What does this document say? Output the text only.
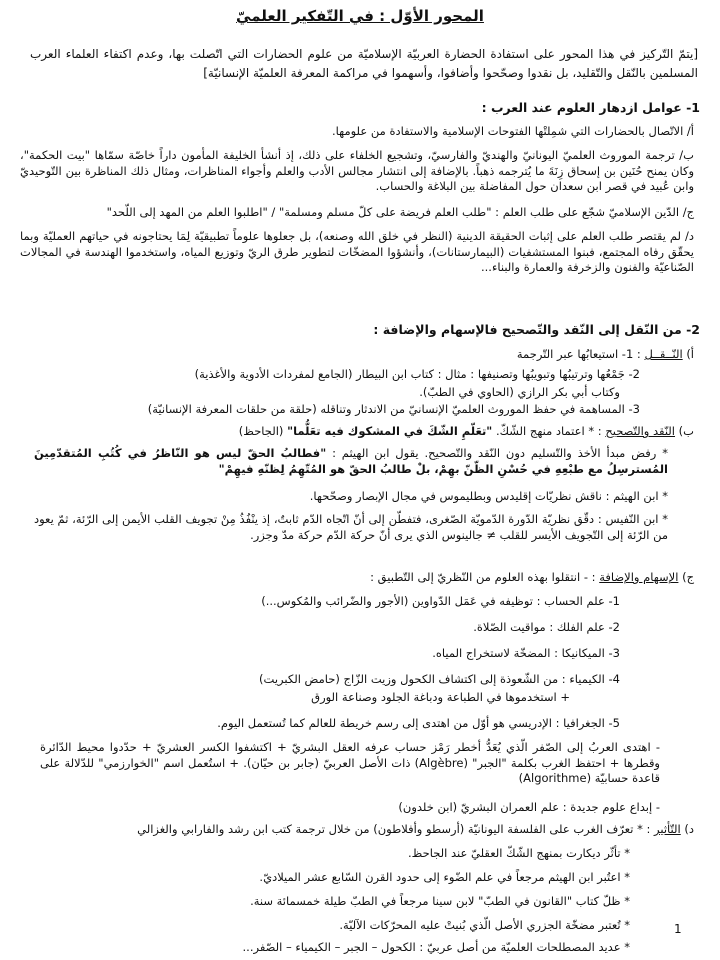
المحور الأوّل : في التّفكير العلميّ
[يتمّ التّركيز في هذا المحور على استفادة الحضارة العربيّة الإسلاميّة من علوم الحضارات التي اتّصلت بها، وعدم اكتفاء العلماء العرب المسلمين بالنّقل والتّقليد، بل نقدوا وصحّحوا وأضافوا، وأسهموا في مراكمة المعرفة العلميّة الإنسانيّة]
1- عوامل ازدهار العلوم عند العرب :
أ/ الاتّصال بالحضارات التي شمِلتْها الفتوحات الإسلامية والاستفادة من علومها.
ب/ ترجمة الموروث العلميّ اليونانيّ والهنديّ والفارسيّ، وتشجيع الخلفاء على ذلك، إذ أنشأ الخليفة المأمون داراً خاصّة سمّاها "بيت الحكمة"، وكان يمنح حُنَين بن إسحاق زِنَةَ ما يُترجمه ذهباً. بالإضافة إلى انتشار مجالس الأدب والعلم وأجواء المناظرات، ومثال ذلك المناظرة بين التّوحيديّ وابن عُبيد في قصر ابن سعدان حول المفاضلة بين البلاغة والحساب.
ج/ الدّين الإسلاميّ شجّع على طلب العلم : "طلب العلم فريضة على كلّ مسلم ومسلمة" / "اطلبوا العلم من المهد إلى اللّحد"
د/ لم يقتصر طلب العلم على إثبات الحقيقة الدينية (النظر في خلق الله وصنعه)، بل جعلوها علوماً تطبيقيّة لِمَا يحتاجونه في حياتهم العمليّة وبما يحقّق رفاه المجتمع، فبنوا المستشفيات (البيمارستانات)، وأنشؤوا المضخّات لتطوير طرق الريّ وتوزيع المياه، واستخدموا الهندسة في المجالات الصّناعيّة والفنون والزخرفة والعمارة والبناء...
2- من النّقل إلى النّقد والتّصحيح فالإسهام والإضافة :
أ) النّــقــل : 1- استيعابُها عبر التّرجمة
2- جَمْعُها وترتيبُها وتبويبُها وتصنيفها : مثال : كتاب ابن البيطار (الجامع لمفردات الأدوية والأغذية)
وكتاب أبي بكر الرازي (الحاوي في الطبّ).
3- المساهمة في حفظ الموروث العلميّ الإنسانيّ من الاندثار وتناقله (حلقة من حلقات المعرفة الإنسانيّة)
ب) النّقد والتّصحيح : * اعتماد منهج الشّكّ. "تعَلّمِ الشّكَ في المشكوك فيه تعَلُّما" (الجاحظ)
* رفض مبدأ الأخذ والتّسليم دون النّقد والتّصحيح. يقول ابن الهيثم : "فطالبُ الحقّ ليس هو النّاظرُ في كُتُبِ المُتقدّمِينَ المُسترسِلُ مع طبْعِهِ في حُسْنِ الظّنّ بهِمْ، بلْ طالبُ الحقّ هو المُتّهِمُ لِظنّهِ فيهِمْ"
* ابن الهيثم : ناقش نظريّات إقليدس وبطليموس في مجال الإبصار وصحّحها.
* ابن النّفيس : دقّق نظريّة الدّورة الدّمويّة الصّغرى، فتفطّن إلى أنّ اتّجاه الدّم ثابتٌ، إذ ينْفُذُ مِنْ تجويف القلب الأيمن إلى الرّئة، ثمّ يعود من الرّئة إلى التّجويف الأيسر للقلب ≠ جالينوس الذي يرى أنّ حركة الدّم حركة مدّ وجزر.
ج) الإسهام والإضافة : - انتقلوا بهذه العلوم من النّظريّ إلى التّطبيق :
1- علم الحساب : توظيفه في عَمَل الدّواوين (الأجور والضّرائب والمُكوس...)
2- علم الفلك : مواقيت الصّلاة.
3- الميكانيكا : المضخّة لاستخراج المياه.
4- الكيمياء : من الشّعوذة إلى اكتشاف الكحول وزيت الزّاج (حامض الكبريت)
+ استخدموها في الطباعة ودباغة الجلود وصناعة الورق
5- الجغرافيا : الإدريسي هو أوّل من اهتدى إلى رسم خريطة للعالم كما تُستعمل اليوم.
- اهتدى العربُ إلى الصّفر الّذي يُعَدُّ أخطر رَمْز حساب عرفه العقل البشريّ + اكتشفوا الكسر العشريّ + حدّدوا محيط الدّائرة وقطرها + احتفظ الغرب بكلمة "الجبر" (Algèbre) ذات الأصل العربيّ (جابر بن حيّان). + استُعمل اسم "الخوارزمي" للدّلالة على قاعدة حسابيّة (Algorithme)
- إبداع علوم جديدة : علم العمران البشريّ (ابن خلدون)
د) التّأثير : * تعرّف الغرب على الفلسفة اليونانيّة (أرسطو وأفلاطون) من خلال ترجمة كتب ابن رشد والفارابي والغزالي
* تأثّر ديكارت بمنهج الشّكّ العقليّ عند الجاحظ.
* اعتُبر ابن الهيثم مرجعاً في علم الضّوء إلى حدود القرن السّابع عشر الميلاديّ.
* ظلّ كتاب "القانون في الطبّ" لابن سينا مرجعاً في الطبّ طيلة خمسمائة سنة.
* تُعتبر مضخّة الجزري الأصل الّذي بُنيتْ عليه المحرّكات الآليّة.
* عديد المصطلحات العلميّة من أصل عربيّ : الكحول – الجبر – الكيمياء – الصّفر...
1
